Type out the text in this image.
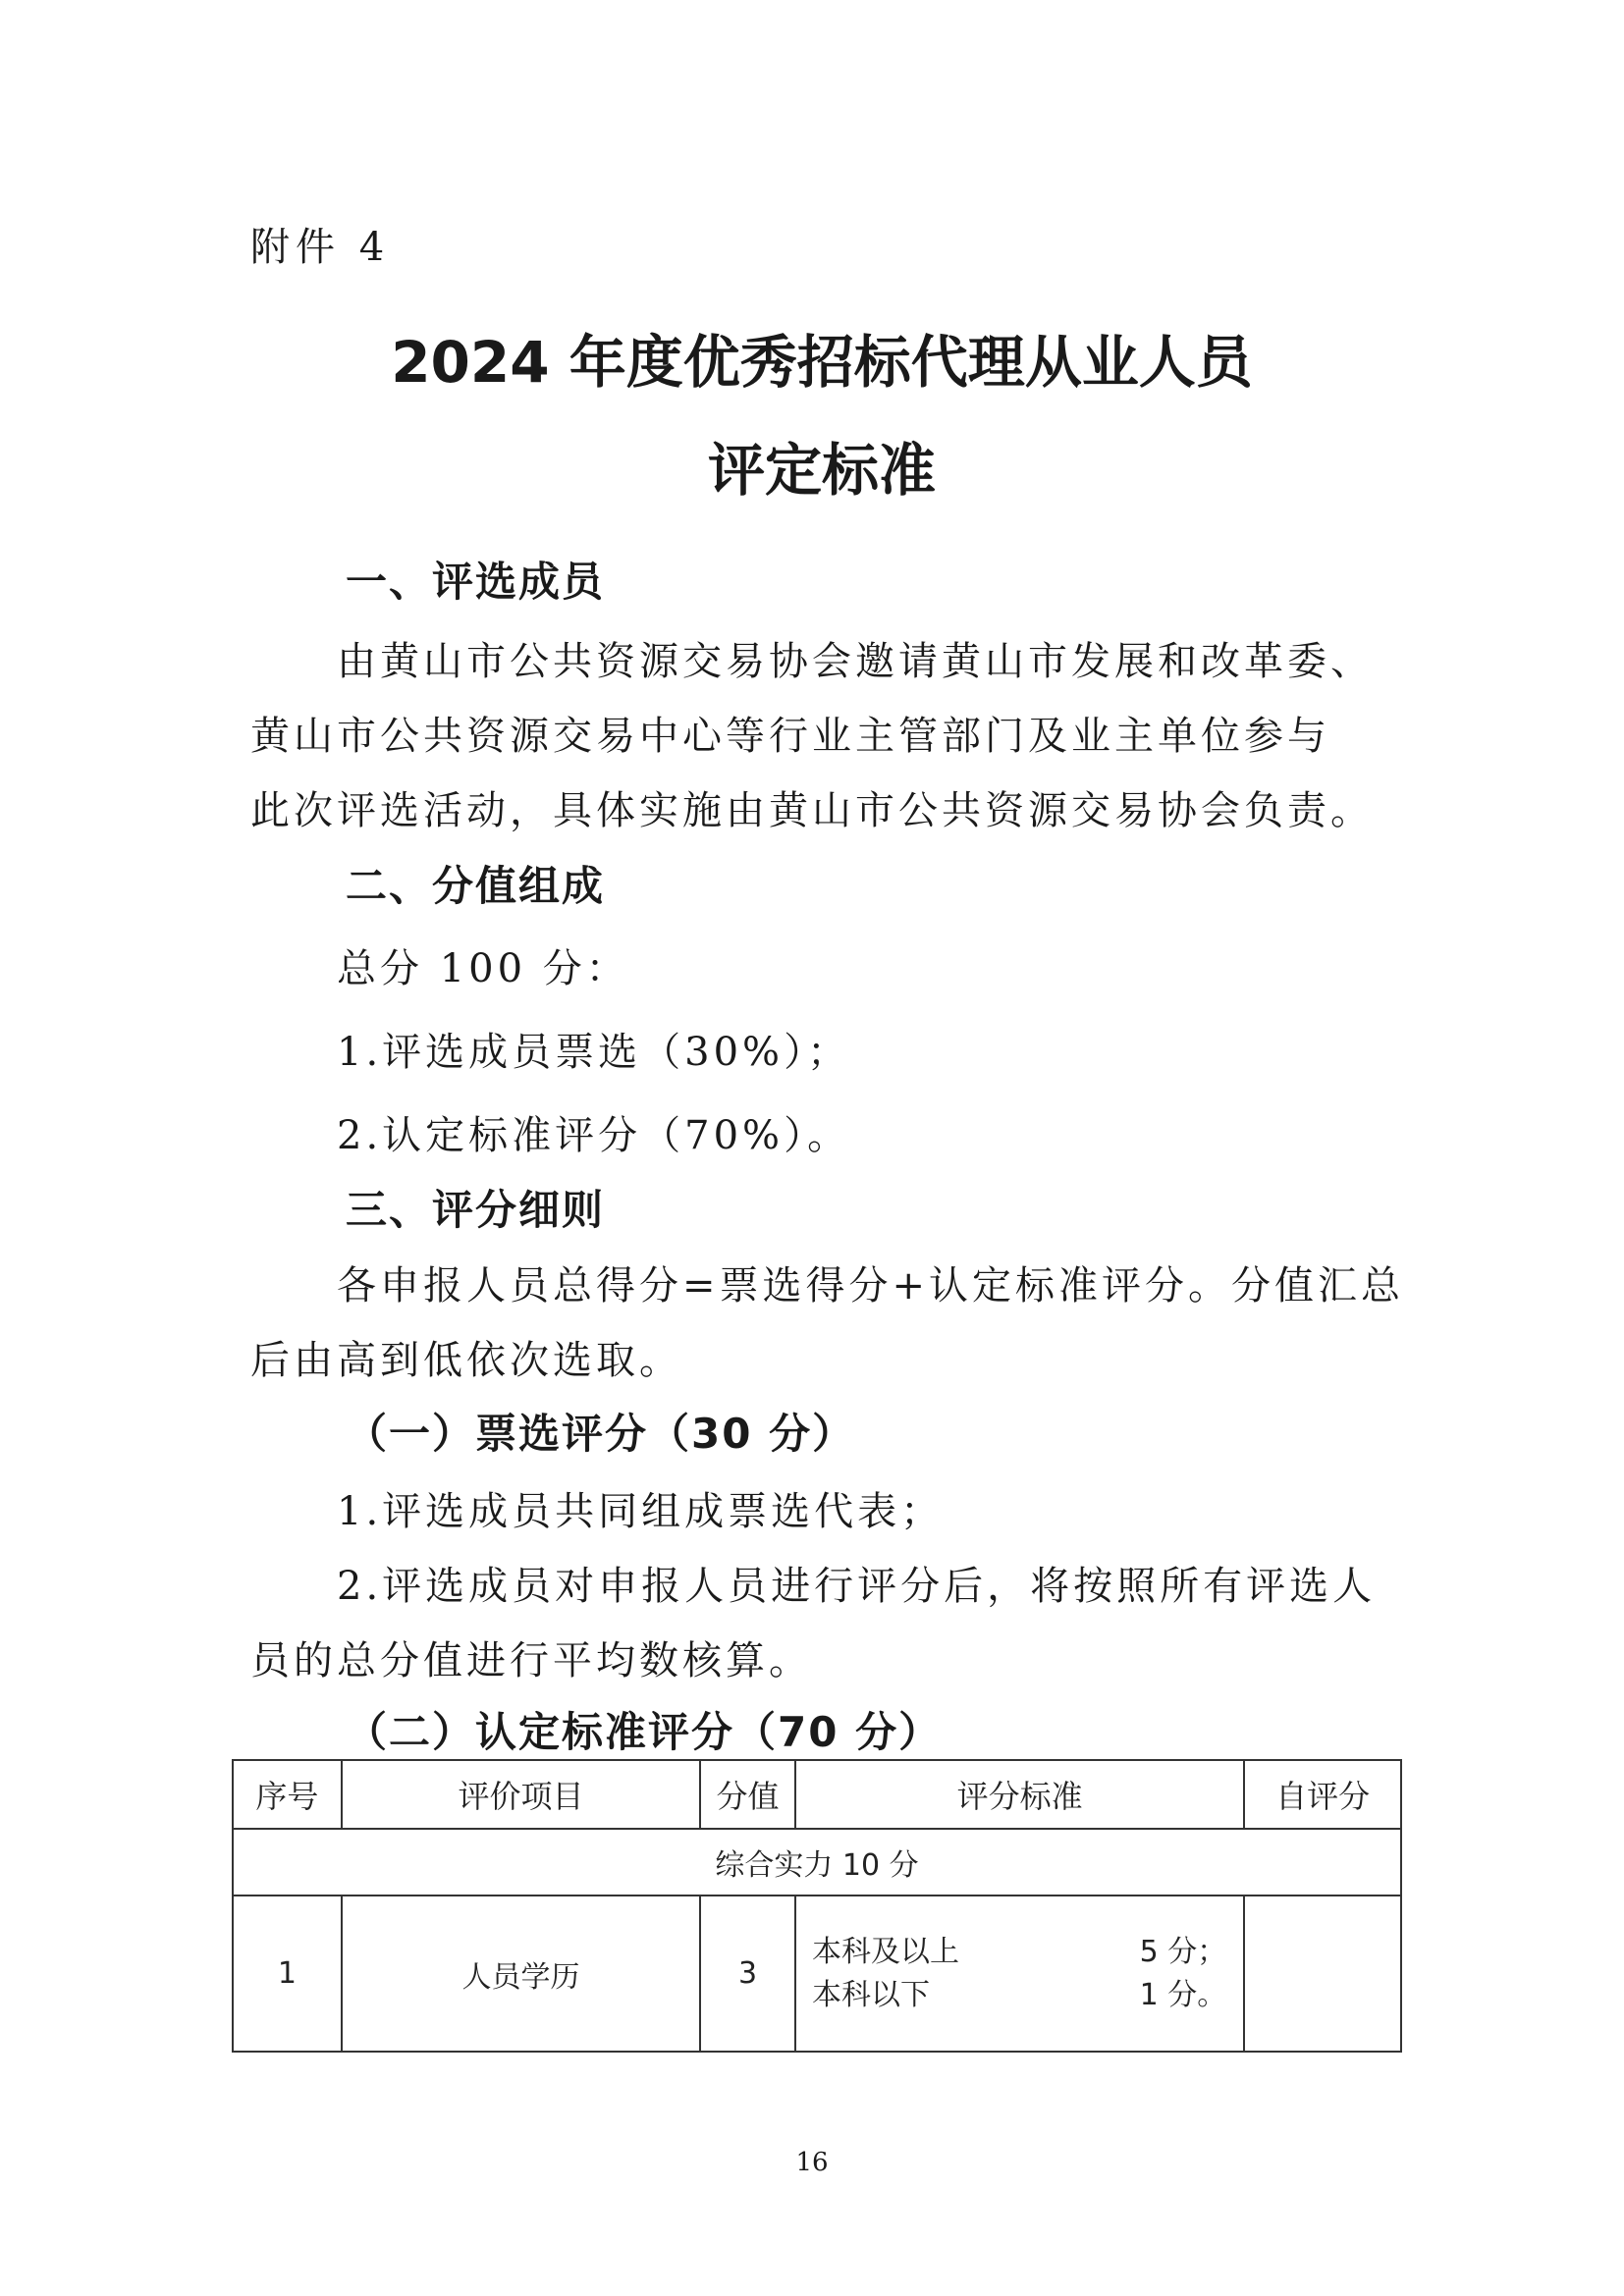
附件 4
2024 年度优秀招标代理从业人员
评定标准
一、评选成员
由黄山市公共资源交易协会邀请黄山市发展和改革委、
黄山市公共资源交易中心等行业主管部门及业主单位参与
此次评选活动，具体实施由黄山市公共资源交易协会负责。
二、分值组成
总分 100 分：
1.评选成员票选（30%）；
2.认定标准评分（70%）。
三、评分细则
各申报人员总得分=票选得分+认定标准评分。分值汇总
后由高到低依次选取。
（一）票选评分（30 分）
1.评选成员共同组成票选代表；
2.评选成员对申报人员进行评分后，将按照所有评选人
员的总分值进行平均数核算。
（二）认定标准评分（70 分）
序号	评价项目	分值	评分标准	自评分
综合实力 10 分				
1	人员学历	3	本科及以上 5 分；
本科以下 1 分。	

16
